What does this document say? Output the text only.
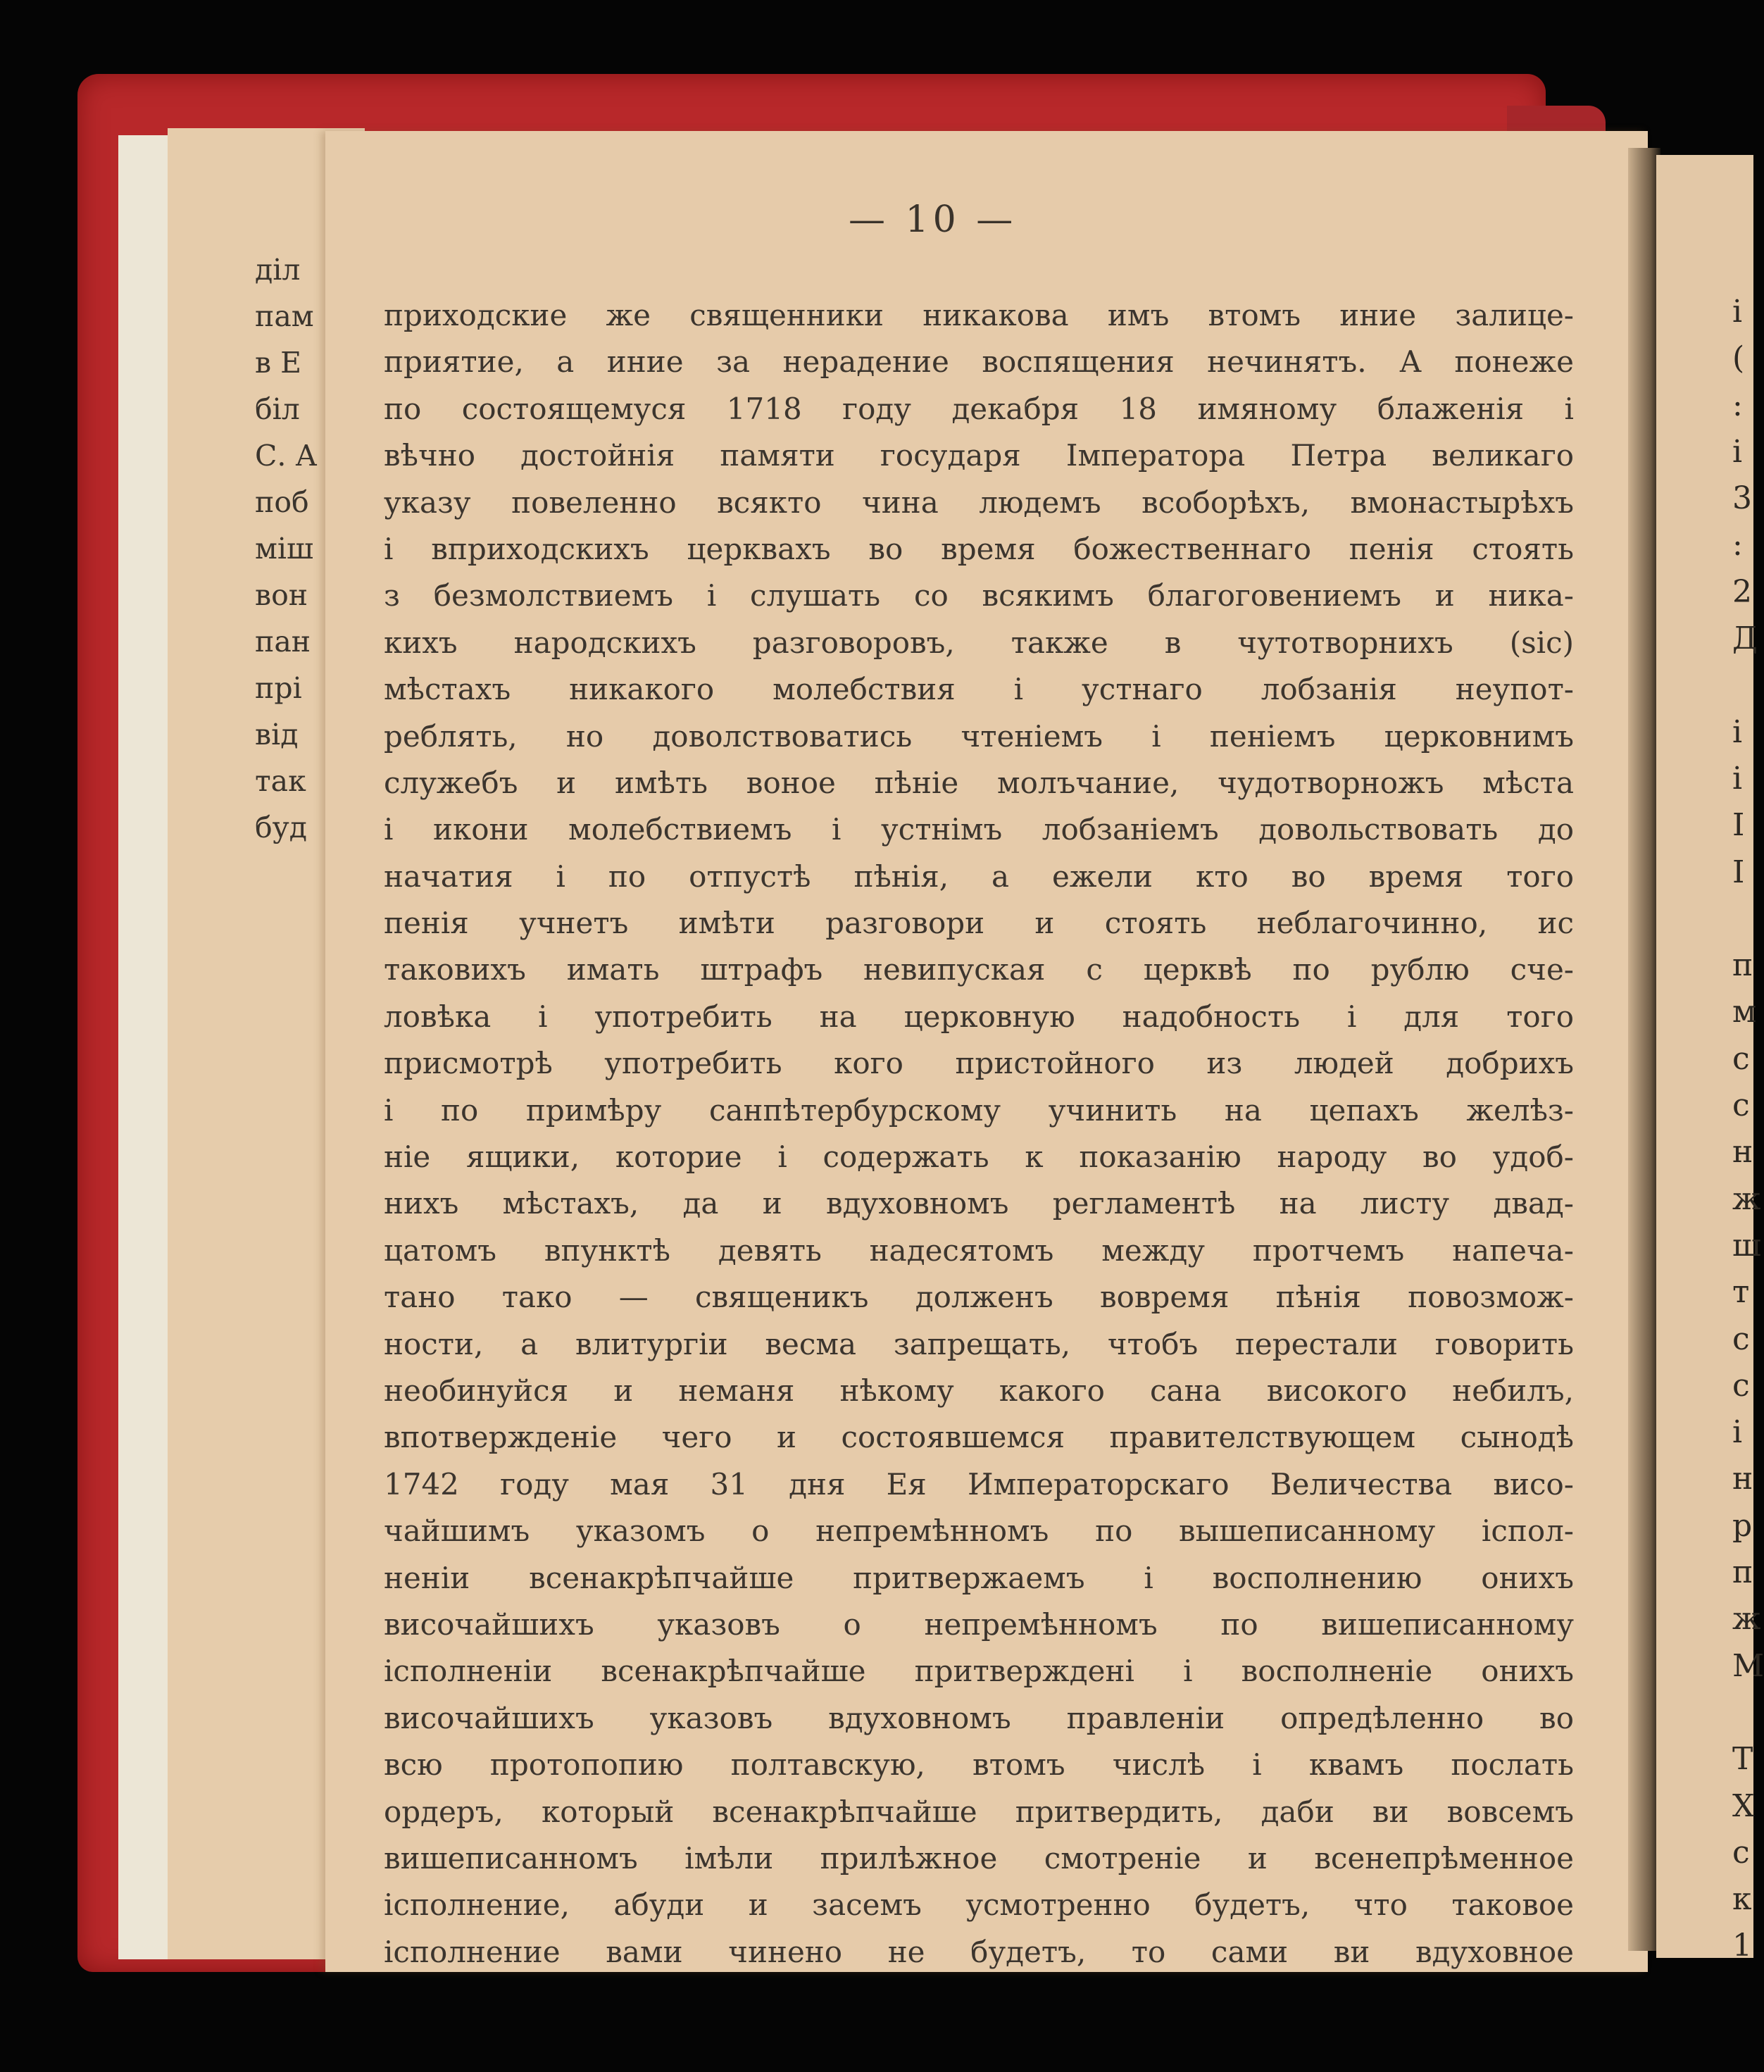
діл
пам
в Е
біл
С. А
поб
міш
вон
пан
прі
від
так
буд
— 10 —
приходские же священники никакова имъ втомъ иние залице-
приятие, а иние за нерадение воспящения нечинятъ. А понеже
по состоящемуся 1718 году декабря 18 имяному блаженія і
вѣчно достойнія памяти государя Імператора Петра великаго
указу повеленно всякто чина людемъ всоборѣхъ, вмонастырѣхъ
і вприходскихъ церквахъ во время божественнаго пенія стоять
з безмолствиемъ і слушать со всякимъ благоговениемъ и ника-
кихъ народскихъ разговоровъ, также в чутотворнихъ (sic)
мѣстахъ никакого молебствия і устнаго лобзанія неупот-
реблять, но доволствоватись чтеніемъ і пеніемъ церковнимъ
служебъ и имѣть воное пѣніе молъчание, чудотворножъ мѣста
і икони молебствиемъ і устнімъ лобзаніемъ довольствовать до
начатия і по отпустѣ пѣнія, а ежели кто во время того
пенія учнетъ имѣти разговори и стоять неблагочинно, ис
таковихъ имать штрафъ невипуская с церквѣ по рублю сче-
ловѣка і употребить на церковную надобность і для того
присмотрѣ употребить кого пристойного из людей добрихъ
і по примѣру санпѣтербурскому учинить на цепахъ желѣз-
ніе ящики, которие і содержать к показанію народу во удоб-
нихъ мѣстахъ, да и вдуховномъ регламентѣ на листу двад-
цатомъ впунктѣ девять надесятомъ между протчемъ напеча-
тано тако — священикъ долженъ вовремя пѣнія повозмож-
ности, а влитургіи весма запрещать, чтобъ перестали говорить
необинуйся и неманя нѣкому какого сана високого небилъ,
впотвержденіе чего и состоявшемся правителствующем сынодѣ
1742 году мая 31 дня Ея Императорскаго Величества висо-
чайшимъ указомъ о непремѣнномъ по вышеписанному іспол-
неніи всенакрѣпчайше притвержаемъ і восполнению онихъ
височайшихъ указовъ о непремѣнномъ по вишеписанному
ісполненіи всенакрѣпчайше притвержденi і восполненіе онихъ
височайшихъ указовъ вдуховномъ правленіи опредѣленно во
всю протопопию полтавскую, втомъ числѣ і квамъ послать
ордеръ, который всенакрѣпчайше притвердить, даби ви вовсемъ
вишеписанномъ імѣли прилѣжное смотреніе и всенепрѣменное
ісполнение, абуди и засемъ усмотренно будетъ, что таковое
ісполнение вами чинено не будетъ, то сами ви вдуховное
і
(
:
і
3
:
2
Д
і
і
І
І
п
м
с
с
н
ж
ш
т
с
с
і
н
р
п
ж
М
Т
Х
с
к
1
